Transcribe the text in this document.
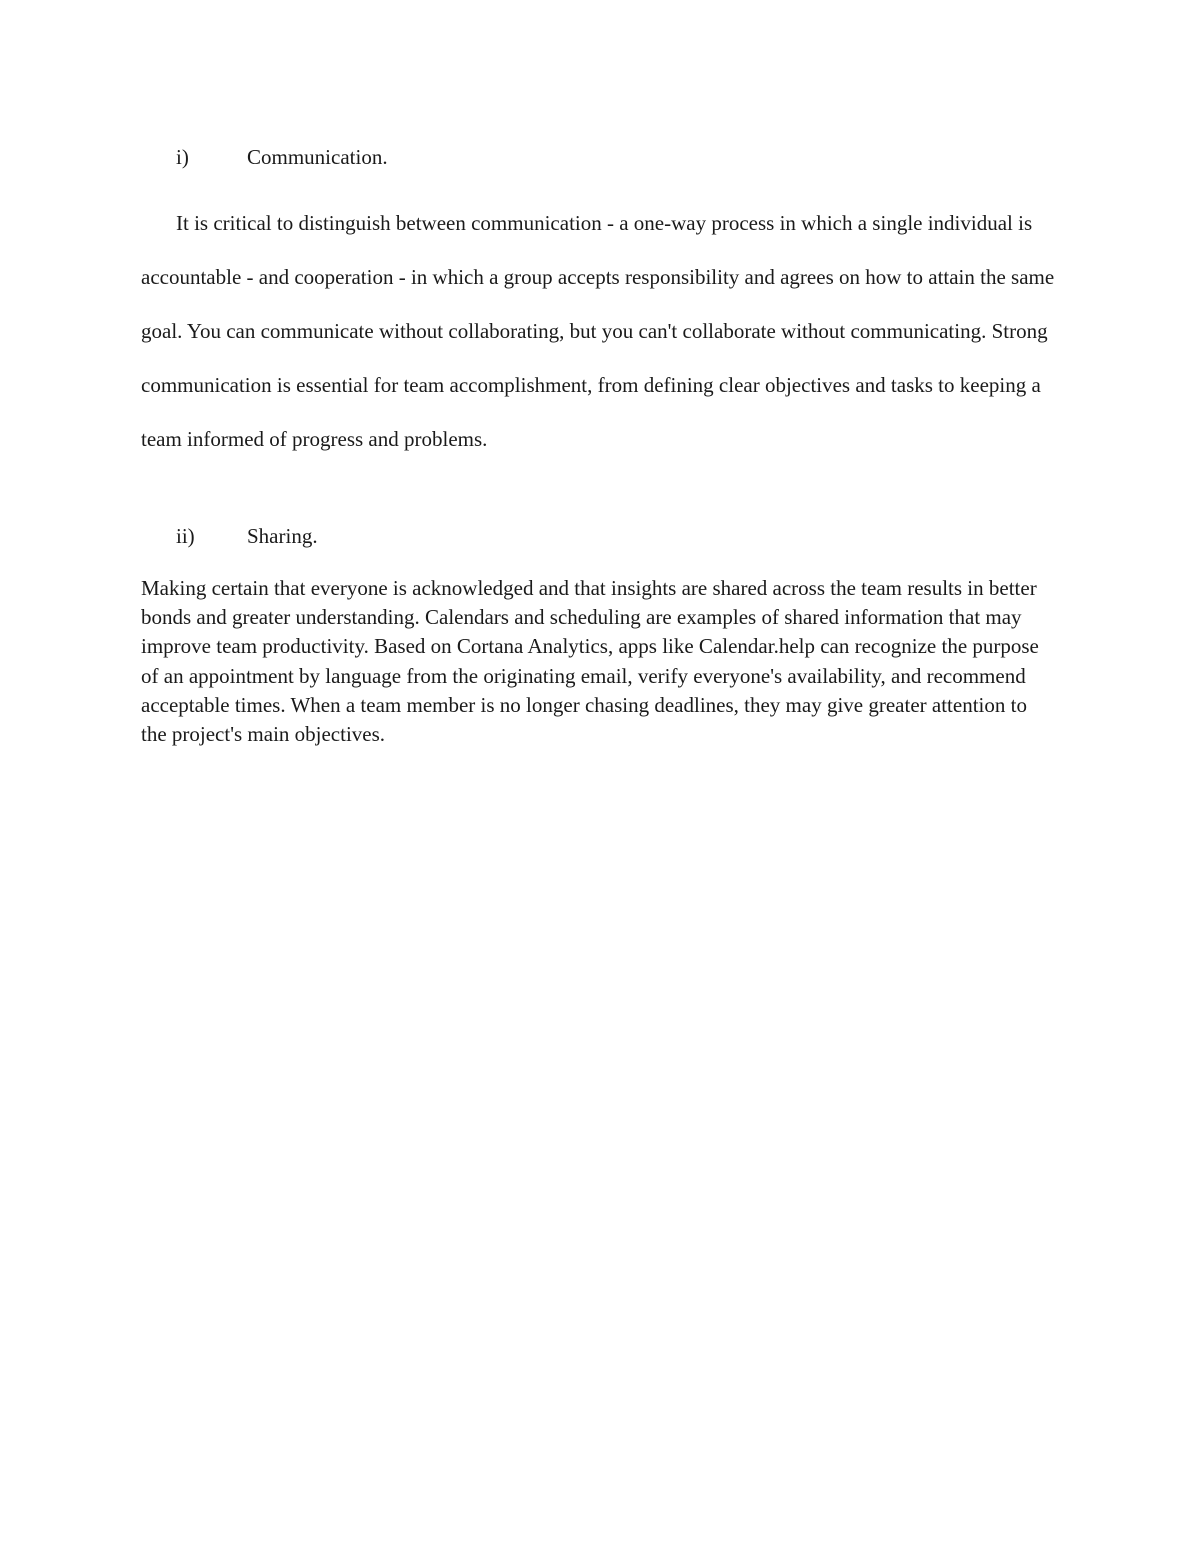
i)	Communication.

It is critical to distinguish between communication - a one-way process in which a single individual is accountable - and cooperation - in which a group accepts responsibility and agrees on how to attain the same goal. You can communicate without collaborating, but you can't collaborate without communicating. Strong communication is essential for team accomplishment, from defining clear objectives and tasks to keeping a team informed of progress and problems.

ii) Sharing.

Making certain that everyone is acknowledged and that insights are shared across the team results in better bonds and greater understanding. Calendars and scheduling are examples of shared information that may improve team productivity. Based on Cortana Analytics, apps like Calendar.help can recognize the purpose of an appointment by language from the originating email, verify everyone's availability, and recommend acceptable times. When a team member is no longer chasing deadlines, they may give greater attention to the project's main objectives.
